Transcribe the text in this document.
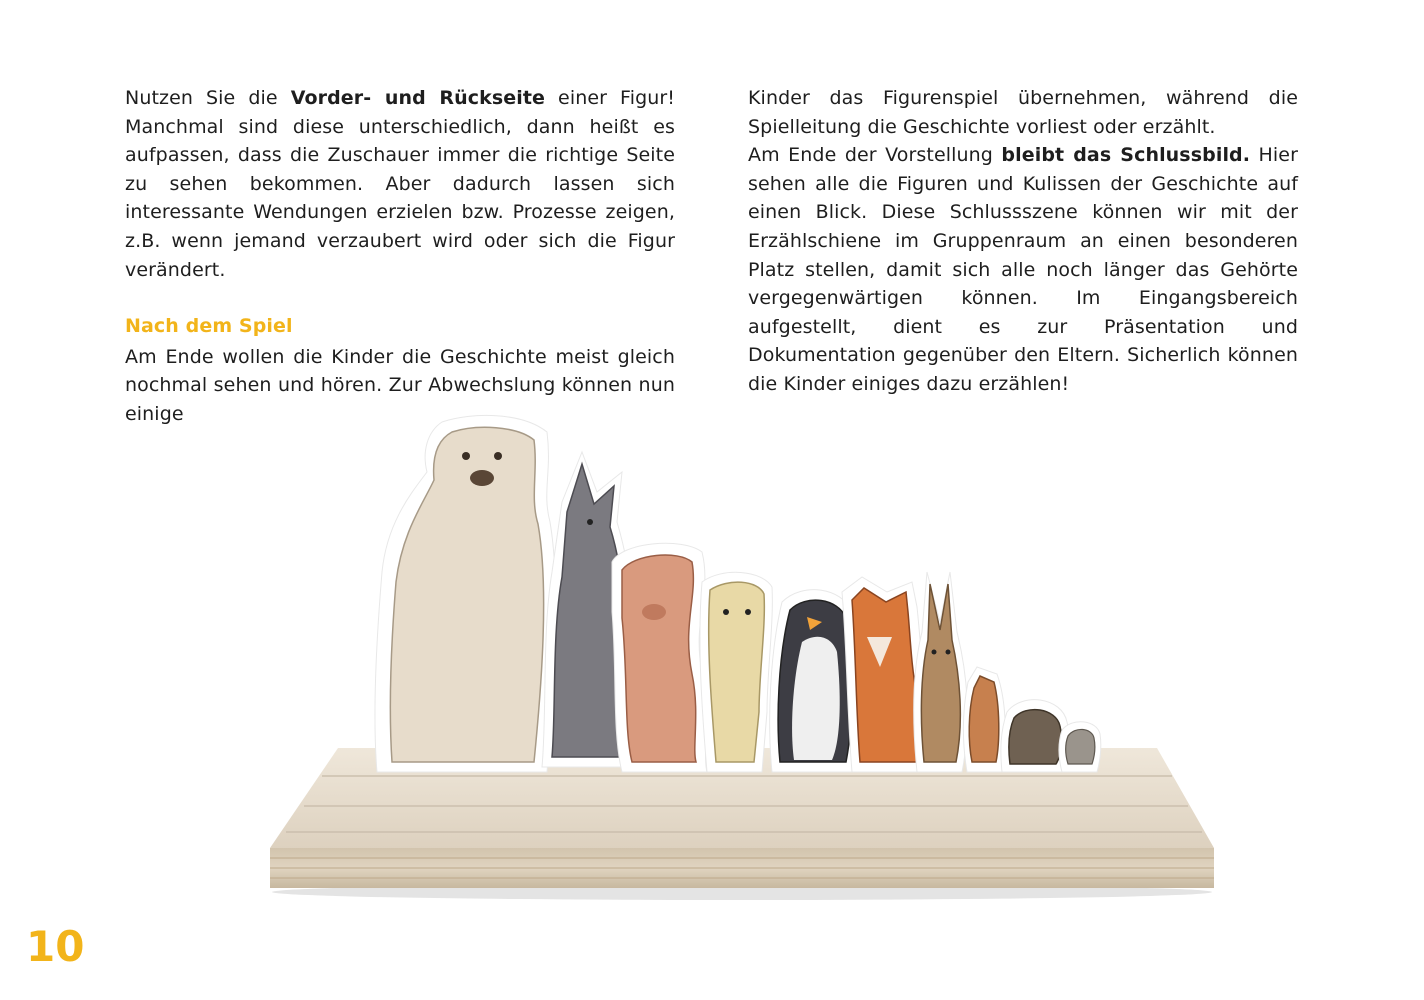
Nutzen Sie die Vorder- und Rückseite einer Figur! Manchmal sind diese unterschiedlich, dann heißt es aufpassen, dass die Zuschauer immer die richtige Seite zu sehen bekommen. Aber dadurch lassen sich interessante Wendungen erzielen bzw. Prozesse zeigen, z.B. wenn jemand verzaubert wird oder sich die Figur verändert.

Nach dem Spiel

Am Ende wollen die Kinder die Geschichte meist gleich nochmal sehen und hören. Zur Abwechslung können nun einige

Kinder das Figurenspiel übernehmen, während die Spielleitung die Geschichte vorliest oder erzählt.

Am Ende der Vorstellung bleibt das Schlussbild. Hier sehen alle die Figuren und Kulissen der Geschichte auf einen Blick. Diese Schlussszene können wir mit der Erzählschiene im Gruppenraum an einen besonderen Platz stellen, damit sich alle noch länger das Gehörte vergegenwärtigen können. Im Eingangsbereich aufgestellt, dient es zur Präsentation und Dokumentation gegenüber den Eltern. Sicherlich können die Kinder einiges dazu erzählen!

10
